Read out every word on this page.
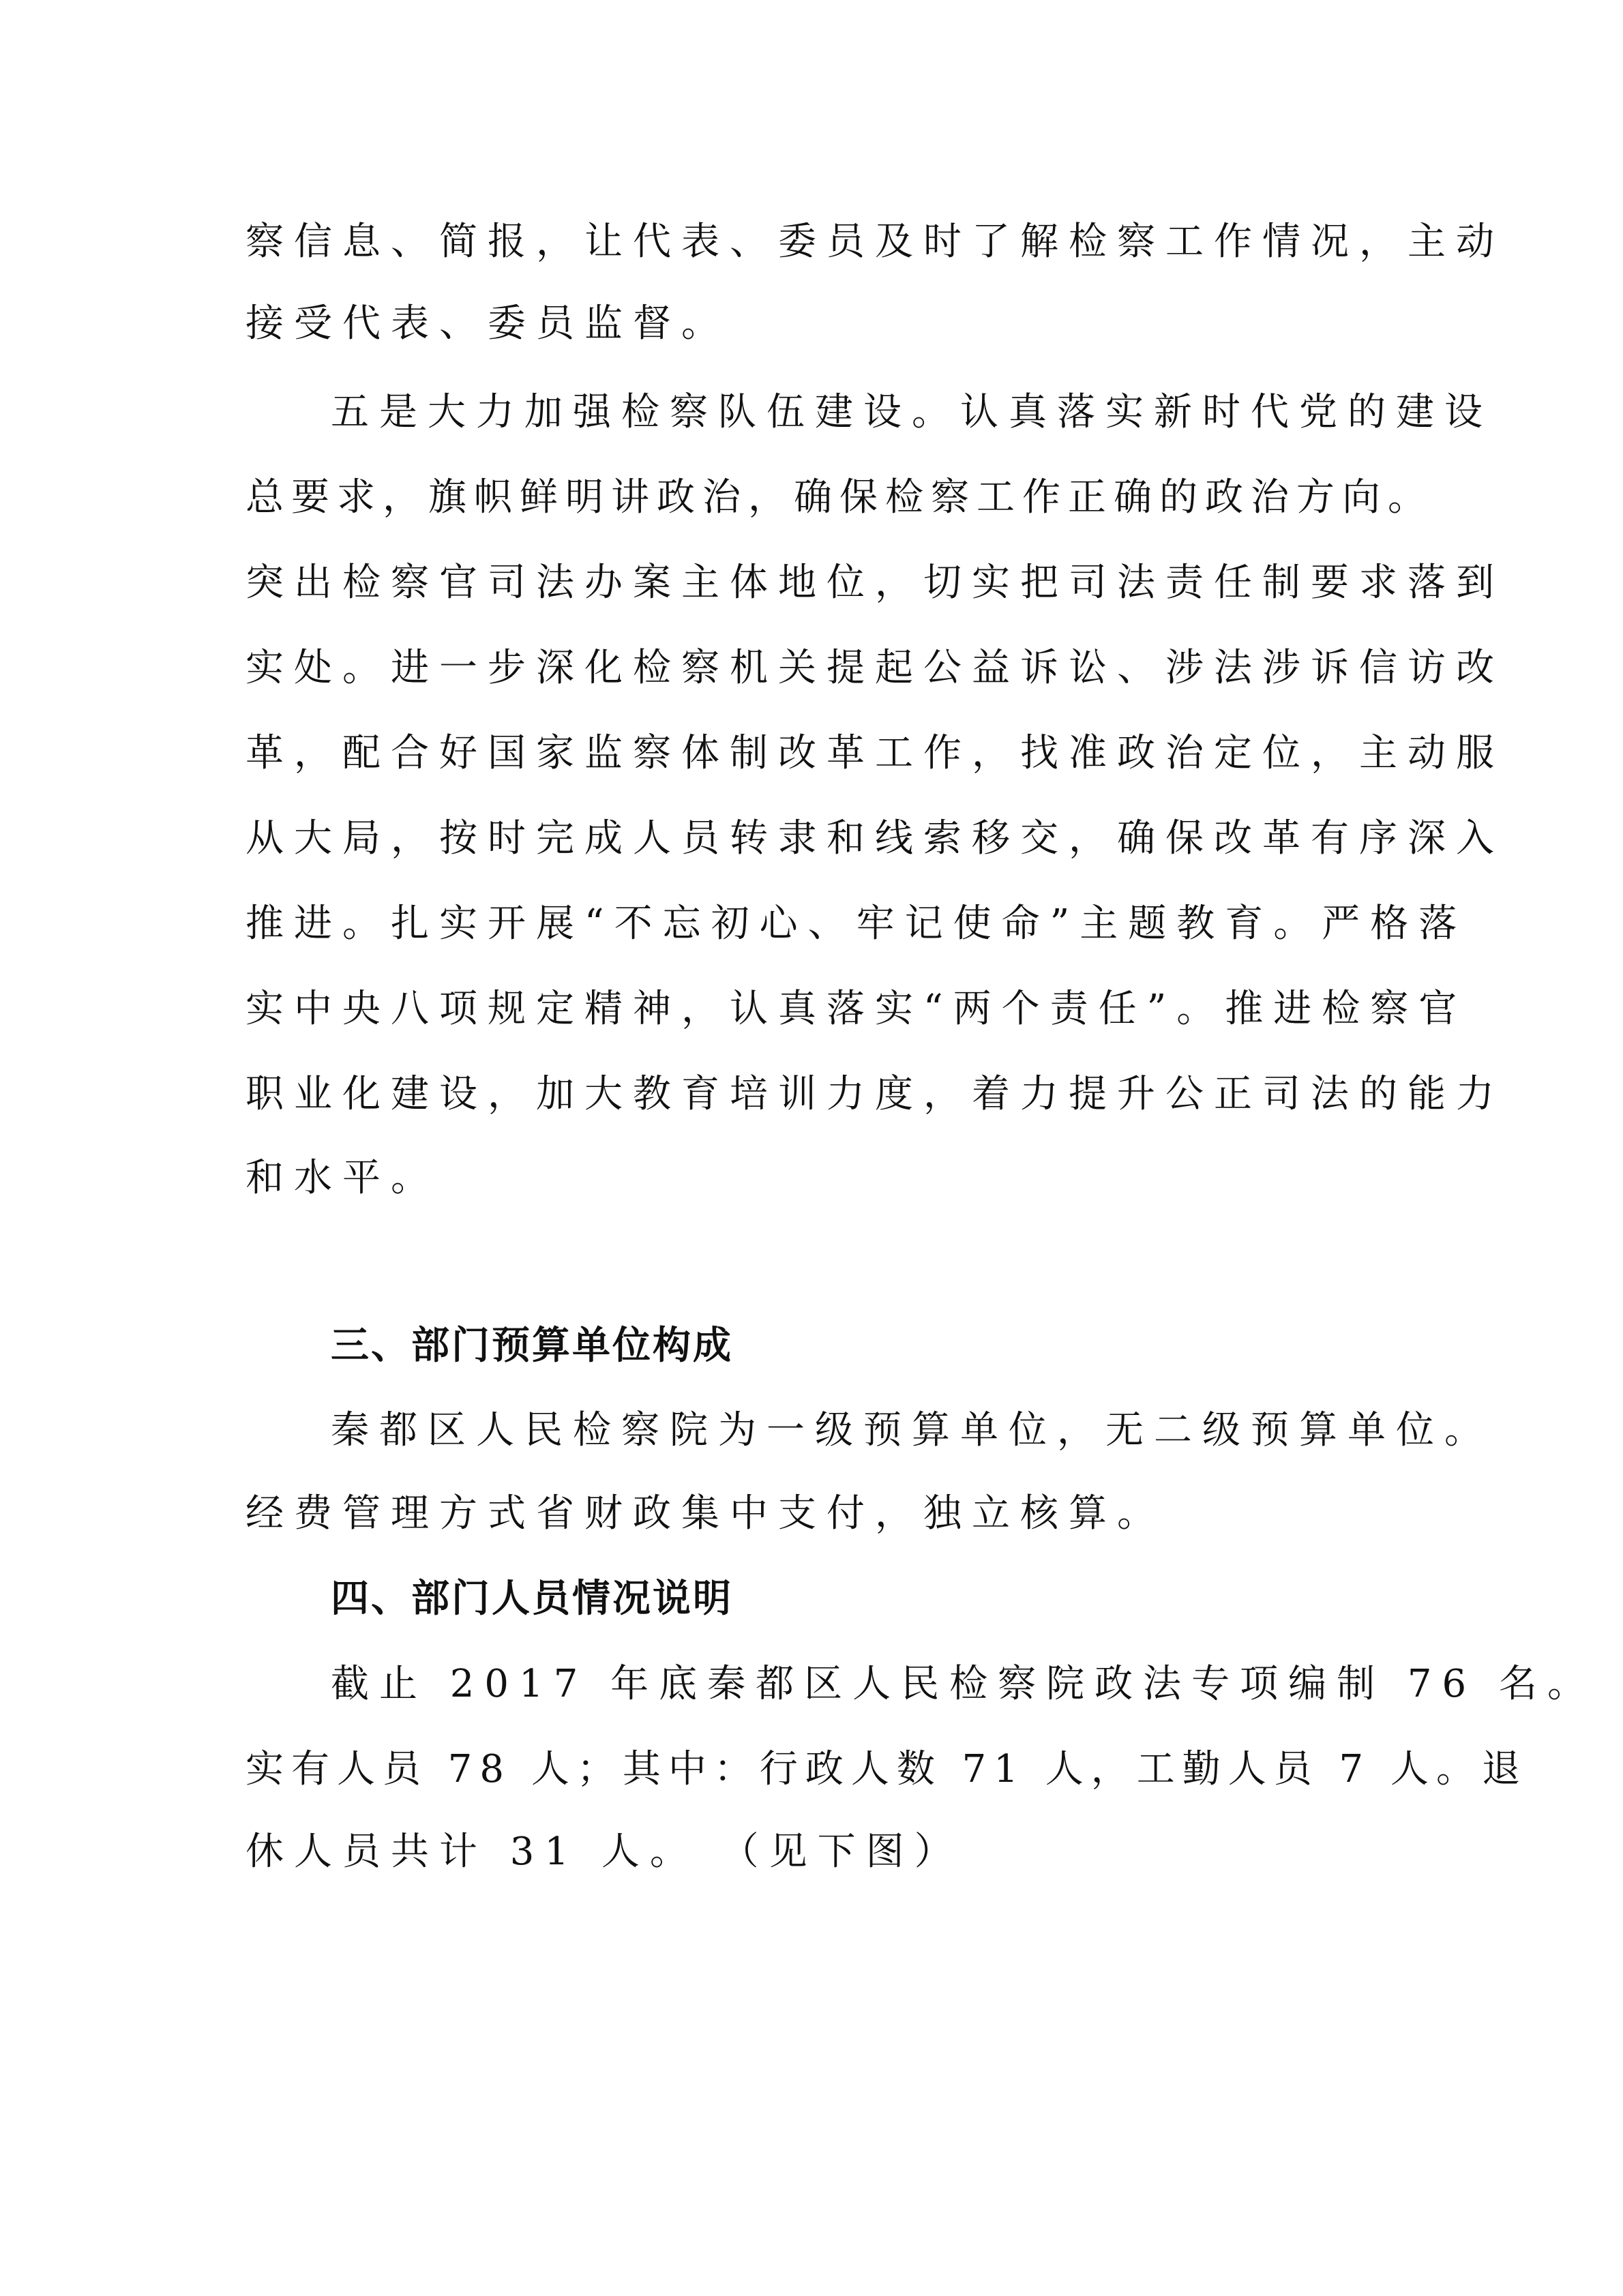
察信息、简报，让代表、委员及时了解检察工作情况，主动
接受代表、委员监督。
五是大力加强检察队伍建设。认真落实新时代党的建设
总要求，旗帜鲜明讲政治，确保检察工作正确的政治方向。
突出检察官司法办案主体地位，切实把司法责任制要求落到
实处。进一步深化检察机关提起公益诉讼、涉法涉诉信访改
革，配合好国家监察体制改革工作，找准政治定位，主动服
从大局，按时完成人员转隶和线索移交，确保改革有序深入
推进。扎实开展“不忘初心、牢记使命”主题教育。严格落
实中央八项规定精神，认真落实“两个责任”。推进检察官
职业化建设，加大教育培训力度，着力提升公正司法的能力
和水平。
三、部门预算单位构成
秦都区人民检察院为一级预算单位，无二级预算单位。
经费管理方式省财政集中支付，独立核算。
四、部门人员情况说明
截止 2017 年底秦都区人民检察院政法专项编制 76 名。
实有人员 78 人；其中：行政人数 71 人，工勤人员 7 人。退
休人员共计 31 人。 （见下图）
